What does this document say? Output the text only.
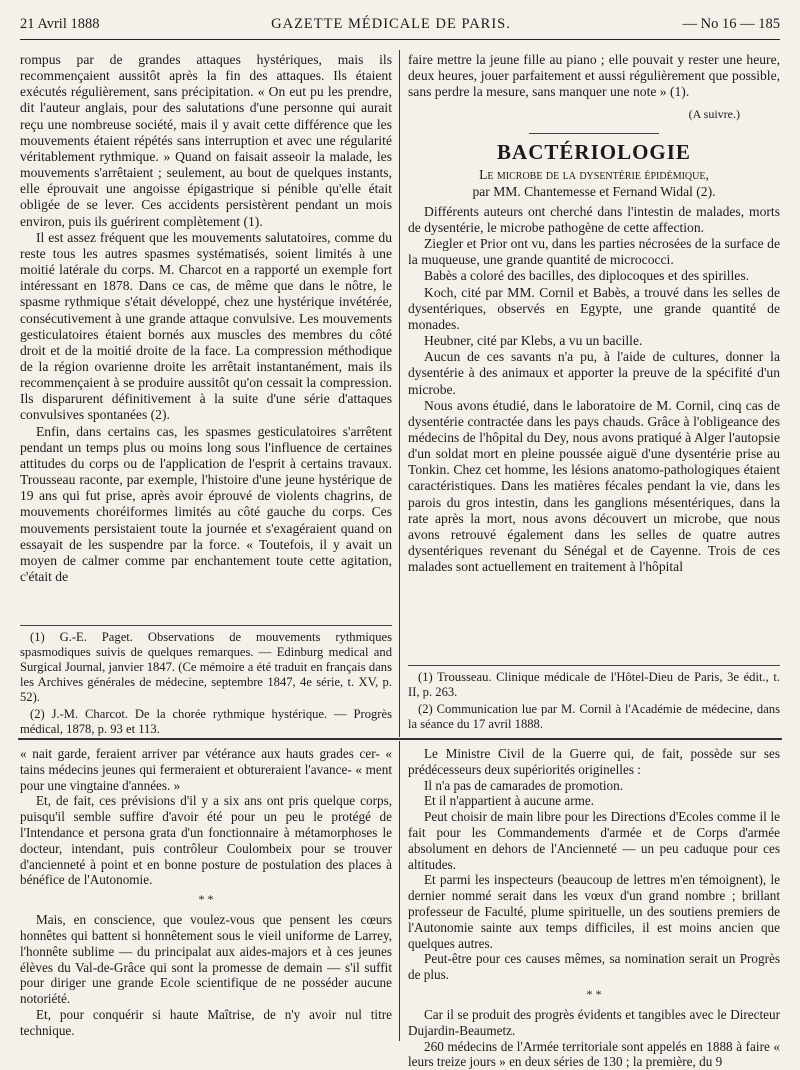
21 Avril 1888	GAZETTE MÉDICALE DE PARIS.	— No 16 — 185

rompus par de grandes attaques hystériques, mais ils recommençaient aussitôt après la fin des attaques. Ils étaient exécutés régulièrement, sans précipitation. « On eut pu les prendre, dit l'auteur anglais, pour des salutations d'une personne qui aurait reçu une nombreuse société, mais il y avait cette différence que les mouvements étaient répétés sans interruption et avec une régularité véritablement rythmique. » Quand on faisait asseoir la malade, les mouvements s'arrêtaient ; seulement, au bout de quelques instants, elle éprouvait une angoisse épigastrique si pénible qu'elle était obligée de se lever. Ces accidents persistèrent pendant un mois environ, puis ils guérirent complètement (1).

Il est assez fréquent que les mouvements salutatoires, comme du reste tous les autres spasmes systématisés, soient limités à une moitié latérale du corps. M. Charcot en a rapporté un exemple fort intéressant en 1878. Dans ce cas, de même que dans le nôtre, le spasme rythmique s'était développé, chez une hystérique invétérée, consécutivement à une grande attaque convulsive. Les mouvements gesticulatoires étaient bornés aux muscles des membres du côté droit et de la moitié droite de la face. La compression méthodique de la région ovarienne droite les arrêtait instantanément, mais ils recommençaient à se produire aussitôt qu'on cessait la compression. Ils disparurent définitivement à la suite d'une série d'attaques convulsives spontanées (2).

Enfin, dans certains cas, les spasmes gesticulatoires s'arrêtent pendant un temps plus ou moins long sous l'influence de certaines attitudes du corps ou de l'application de l'esprit à certains travaux. Trousseau raconte, par exemple, l'histoire d'une jeune hystérique de 19 ans qui fut prise, après avoir éprouvé de violents chagrins, de mouvements choréiformes limités au côté gauche du corps. Ces mouvements persistaient toute la journée et s'exagéraient quand on essayait de les suspendre par la force. « Toutefois, il y avait un moyen de calmer comme par enchantement toute cette agitation, c'était de

(1) G.-E. Paget. Observations de mouvements rythmiques spasmodiques suivis de quelques remarques. — Edinburg medical and Surgical Journal, janvier 1847. (Ce mémoire a été traduit en français dans les Archives générales de médecine, septembre 1847, 4e série, t. XV, p. 52).

(2) J.-M. Charcot. De la chorée rythmique hystérique. — Progrès médical, 1878, p. 93 et 113.

faire mettre la jeune fille au piano ; elle pouvait y rester une heure, deux heures, jouer parfaitement et aussi régulièrement que possible, sans perdre la mesure, sans manquer une note » (1).

(A suivre.)
BACTÉRIOLOGIE
Le microbe de la dysentérie épidémique,
par MM. Chantemesse et Fernand Widal (2).

Différents auteurs ont cherché dans l'intestin de malades, morts de dysentérie, le microbe pathogène de cette affection.

Ziegler et Prior ont vu, dans les parties nécrosées de la surface de la muqueuse, une grande quantité de micrococci.

Babès a coloré des bacilles, des diplocoques et des spirilles.

Koch, cité par MM. Cornil et Babès, a trouvé dans les selles de dysentériques, observés en Egypte, une grande quantité de monades.

Heubner, cité par Klebs, a vu un bacille.

Aucun de ces savants n'a pu, à l'aide de cultures, donner la dysentérie à des animaux et apporter la preuve de la spécifité d'un microbe.

Nous avons étudié, dans le laboratoire de M. Cornil, cinq cas de dysentérie contractée dans les pays chauds. Grâce à l'obligeance des médecins de l'hôpital du Dey, nous avons pratiqué à Alger l'autopsie d'un soldat mort en pleine poussée aiguë d'une dysentérie prise au Tonkin. Chez cet homme, les lésions anatomo-pathologiques étaient caractéristiques. Dans les matières fécales pendant la vie, dans les parois du gros intestin, dans les ganglions mésentériques, dans la rate après la mort, nous avons découvert un microbe, que nous avons retrouvé également dans les selles de quatre autres dysentériques revenant du Sénégal et de Cayenne. Trois de ces malades sont actuellement en traitement à l'hôpital

(1) Trousseau. Clinique médicale de l'Hôtel-Dieu de Paris, 3e édit., t. II, p. 263.

(2) Communication lue par M. Cornil à l'Académie de médecine, dans la séance du 17 avril 1888.

« nait garde, feraient arriver par vétérance aux hauts grades cer- « tains médecins jeunes qui fermeraient et obtureraient l'avance- « ment pour une vingtaine d'années. »

Et, de fait, ces prévisions d'il y a six ans ont pris quelque corps, puisqu'il semble suffire d'avoir été pour un peu le protégé de l'Intendance et persona grata d'un fonctionnaire à métamorphoses le docteur, intendant, puis contrôleur Coulombeix pour se trouver d'ancienneté à point et en bonne posture de postulation des places à bénéfice de l'Autonomie.

* *

Mais, en conscience, que voulez-vous que pensent les cœurs honnêtes qui battent si honnêtement sous le vieil uniforme de Larrey, l'honnête sublime — du principalat aux aides-majors et à ces jeunes élèves du Val-de-Grâce qui sont la promesse de demain — s'il suffit pour diriger une grande Ecole scientifique de ne posséder aucune notoriété.

Et, pour conquérir si haute Maîtrise, de n'y avoir nul titre technique.

Le Ministre Civil de la Guerre qui, de fait, possède sur ses prédécesseurs deux supériorités originelles :

Il n'a pas de camarades de promotion.

Et il n'appartient à aucune arme.

Peut choisir de main libre pour les Directions d'Ecoles comme il le fait pour les Commandements d'armée et de Corps d'armée absolument en dehors de l'Ancienneté — un peu caduque pour ces altitudes.

Et parmi les inspecteurs (beaucoup de lettres m'en témoignent), le dernier nommé serait dans les vœux d'un grand nombre ; brillant professeur de Faculté, plume spirituelle, un des soutiens premiers de l'Autonomie sainte aux temps difficiles, il est moins ancien que quelques autres.

Peut-être pour ces causes mêmes, sa nomination serait un Progrès de plus.

* *

Car il se produit des progrès évidents et tangibles avec le Directeur Dujardin-Beaumetz.

260 médecins de l'Armée territoriale sont appelés en 1888 à faire « leurs treize jours » en deux séries de 130 ; la première, du 9
